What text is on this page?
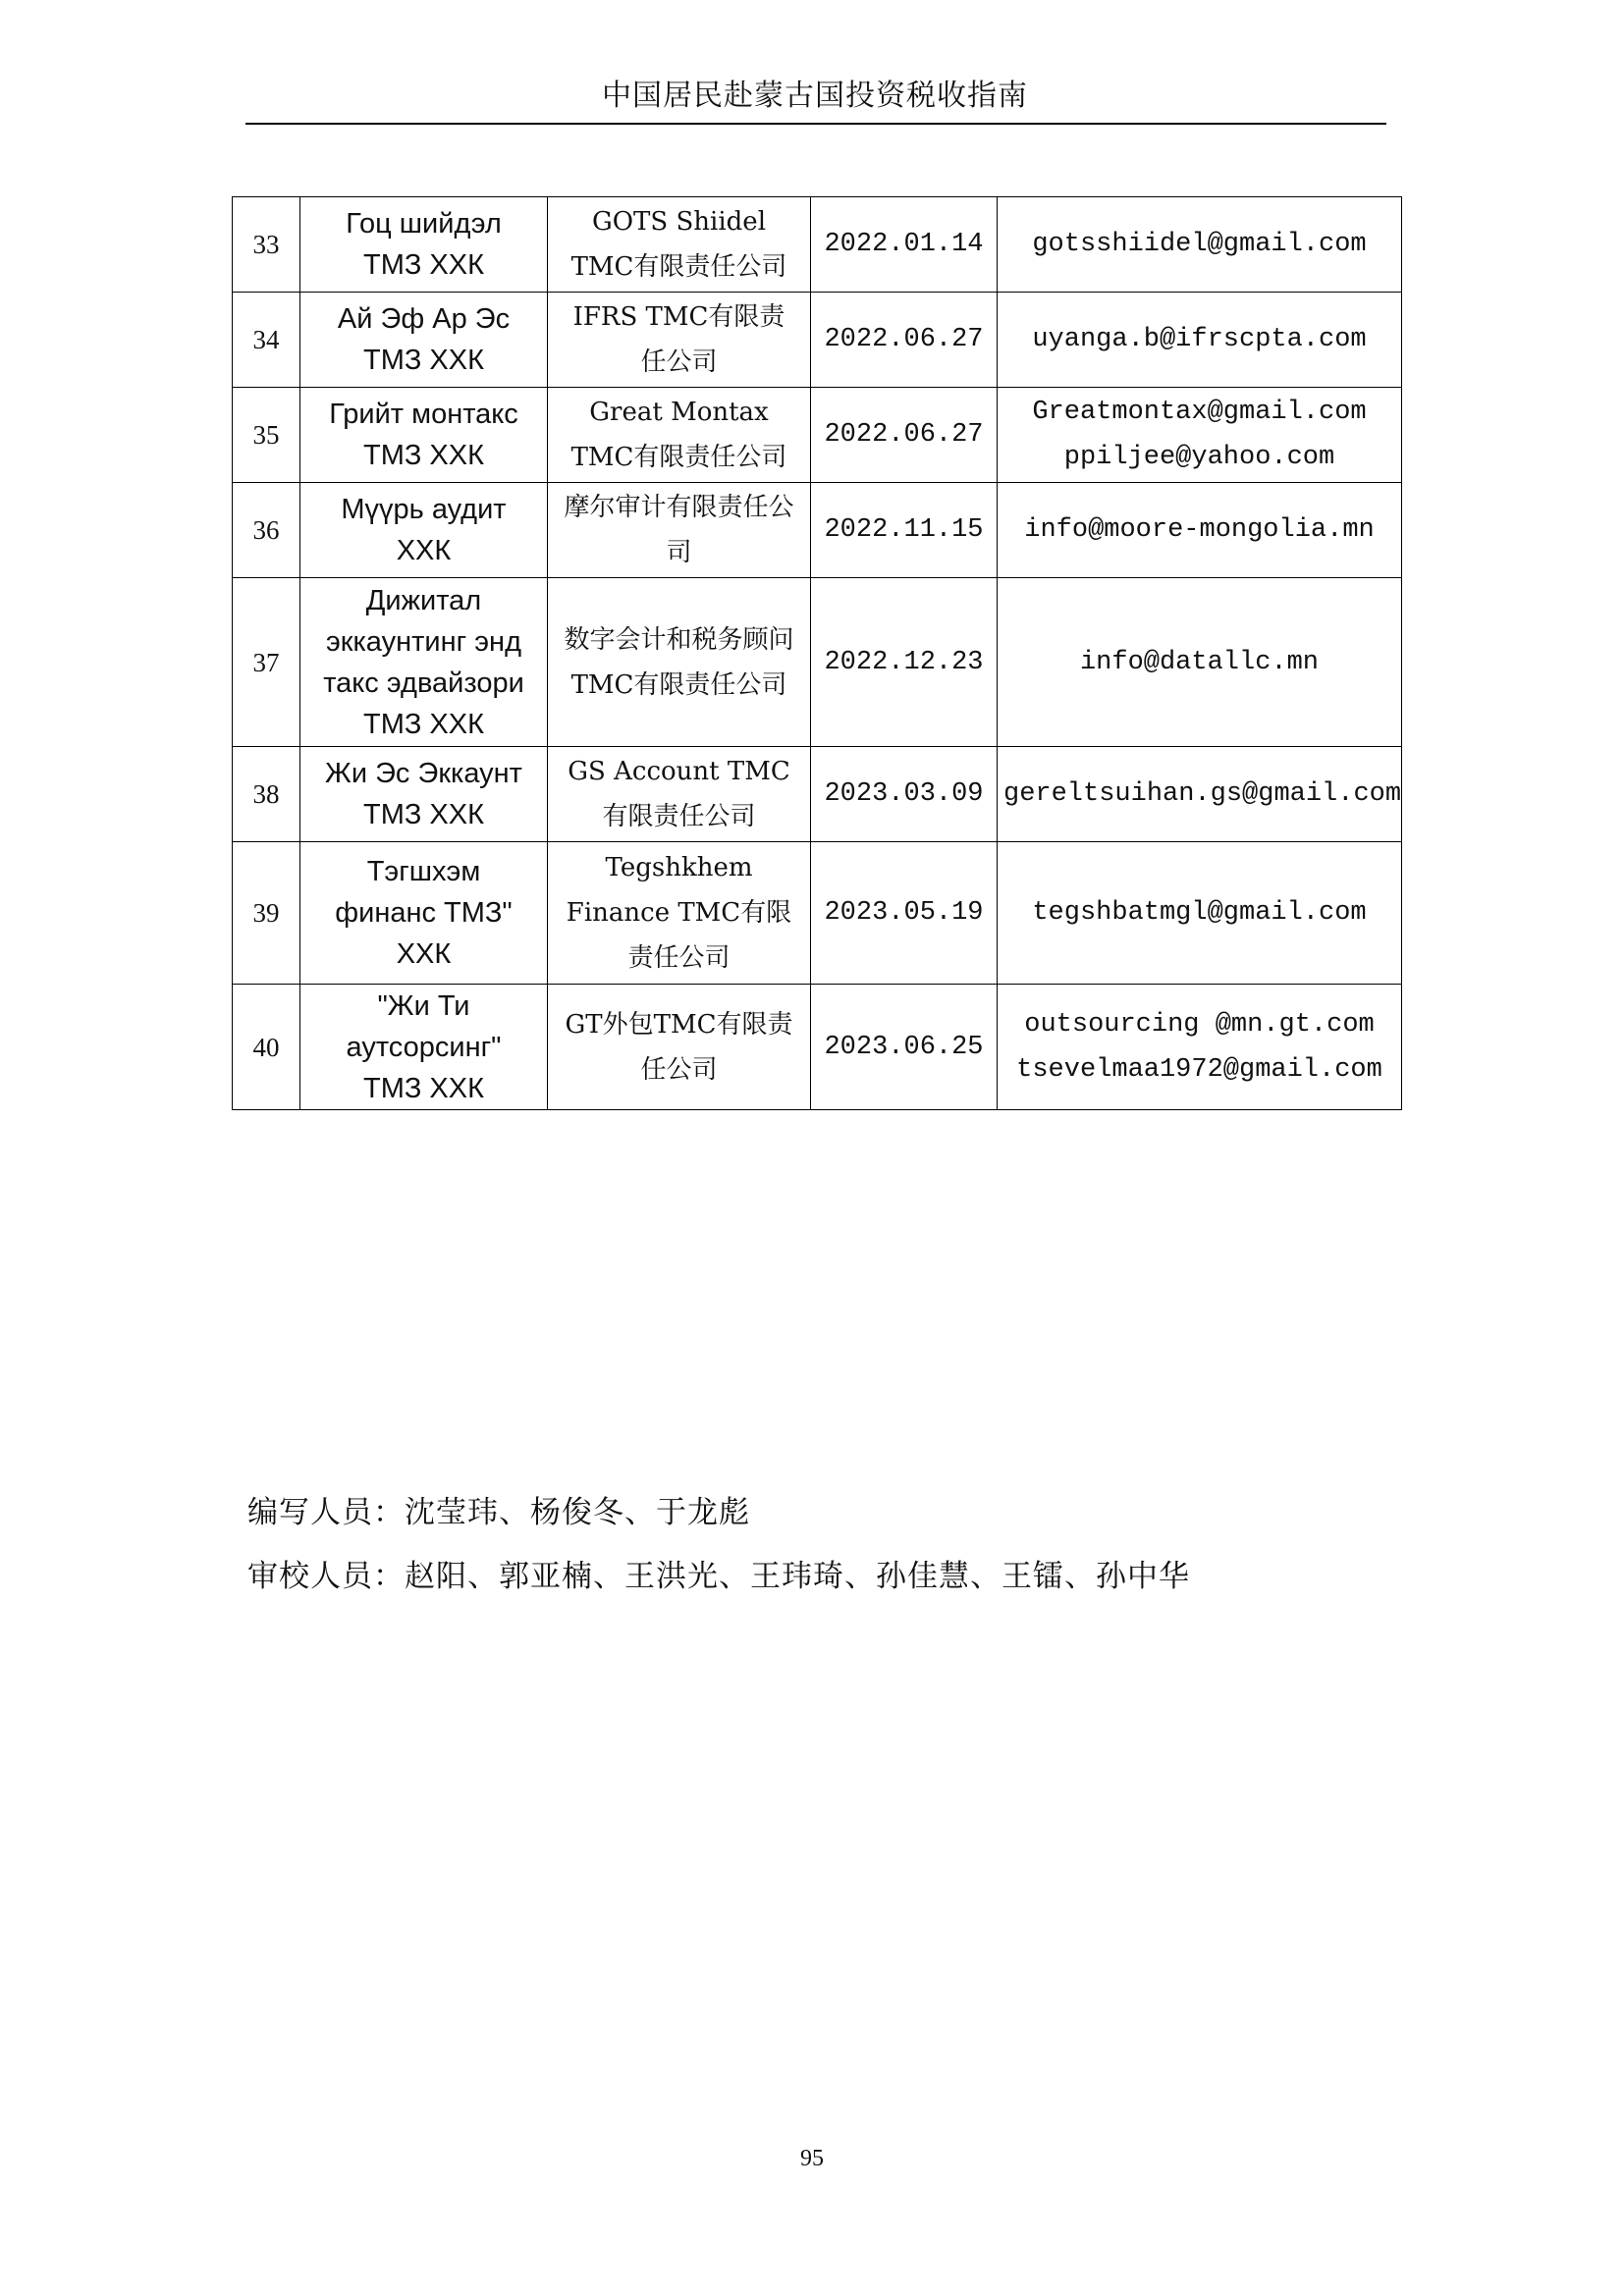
中国居民赴蒙古国投资税收指南
33	Гоц шийдэл ТМЗ ХХК	GOTS Shiidel TMC有限责任公司	2022.01.14	gotsshiidel@gmail.com

34	Ай Эф Ар Эс ТМЗ ХХК	IFRS TMC有限责任公司	2022.06.27	uyanga.b@ifrscpta.com

35	Грийт монтакс ТМЗ ХХК	Great Montax TMC有限责任公司	2022.06.27	Greatmontax@gmail.com
ppiljee@yahoo.com

36	Мүүрь аудит ХХК	摩尔审计有限责任公司	2022.11.15	info@moore-mongolia.mn

37	Дижитал эккаунтинг энд такс эдвайзори ТМЗ ХХК	数字会计和税务顾问TMC有限责任公司	2022.12.23	info@datallc.mn

38	Жи Эс Эккаунт ТМЗ ХХК	GS Account TMC有限责任公司	2023.03.09	gereltsuihan.gs@gmail.com

39	Тэгшхэм финанс ТМЗ" ХХК	Tegshkhem Finance TMC有限责任公司	2023.05.19	tegshbatmgl@gmail.com

40	"Жи Ти аутсорсинг" ТМЗ ХХК	GT外包TMC有限责任公司	2023.06.25	outsourcing @mn.gt.com
tsevelmaa1972@gmail.com
编写人员：沈莹玮、杨俊冬、于龙彪
审校人员：赵阳、郭亚楠、王洪光、王玮琦、孙佳慧、王镭、孙中华
95
